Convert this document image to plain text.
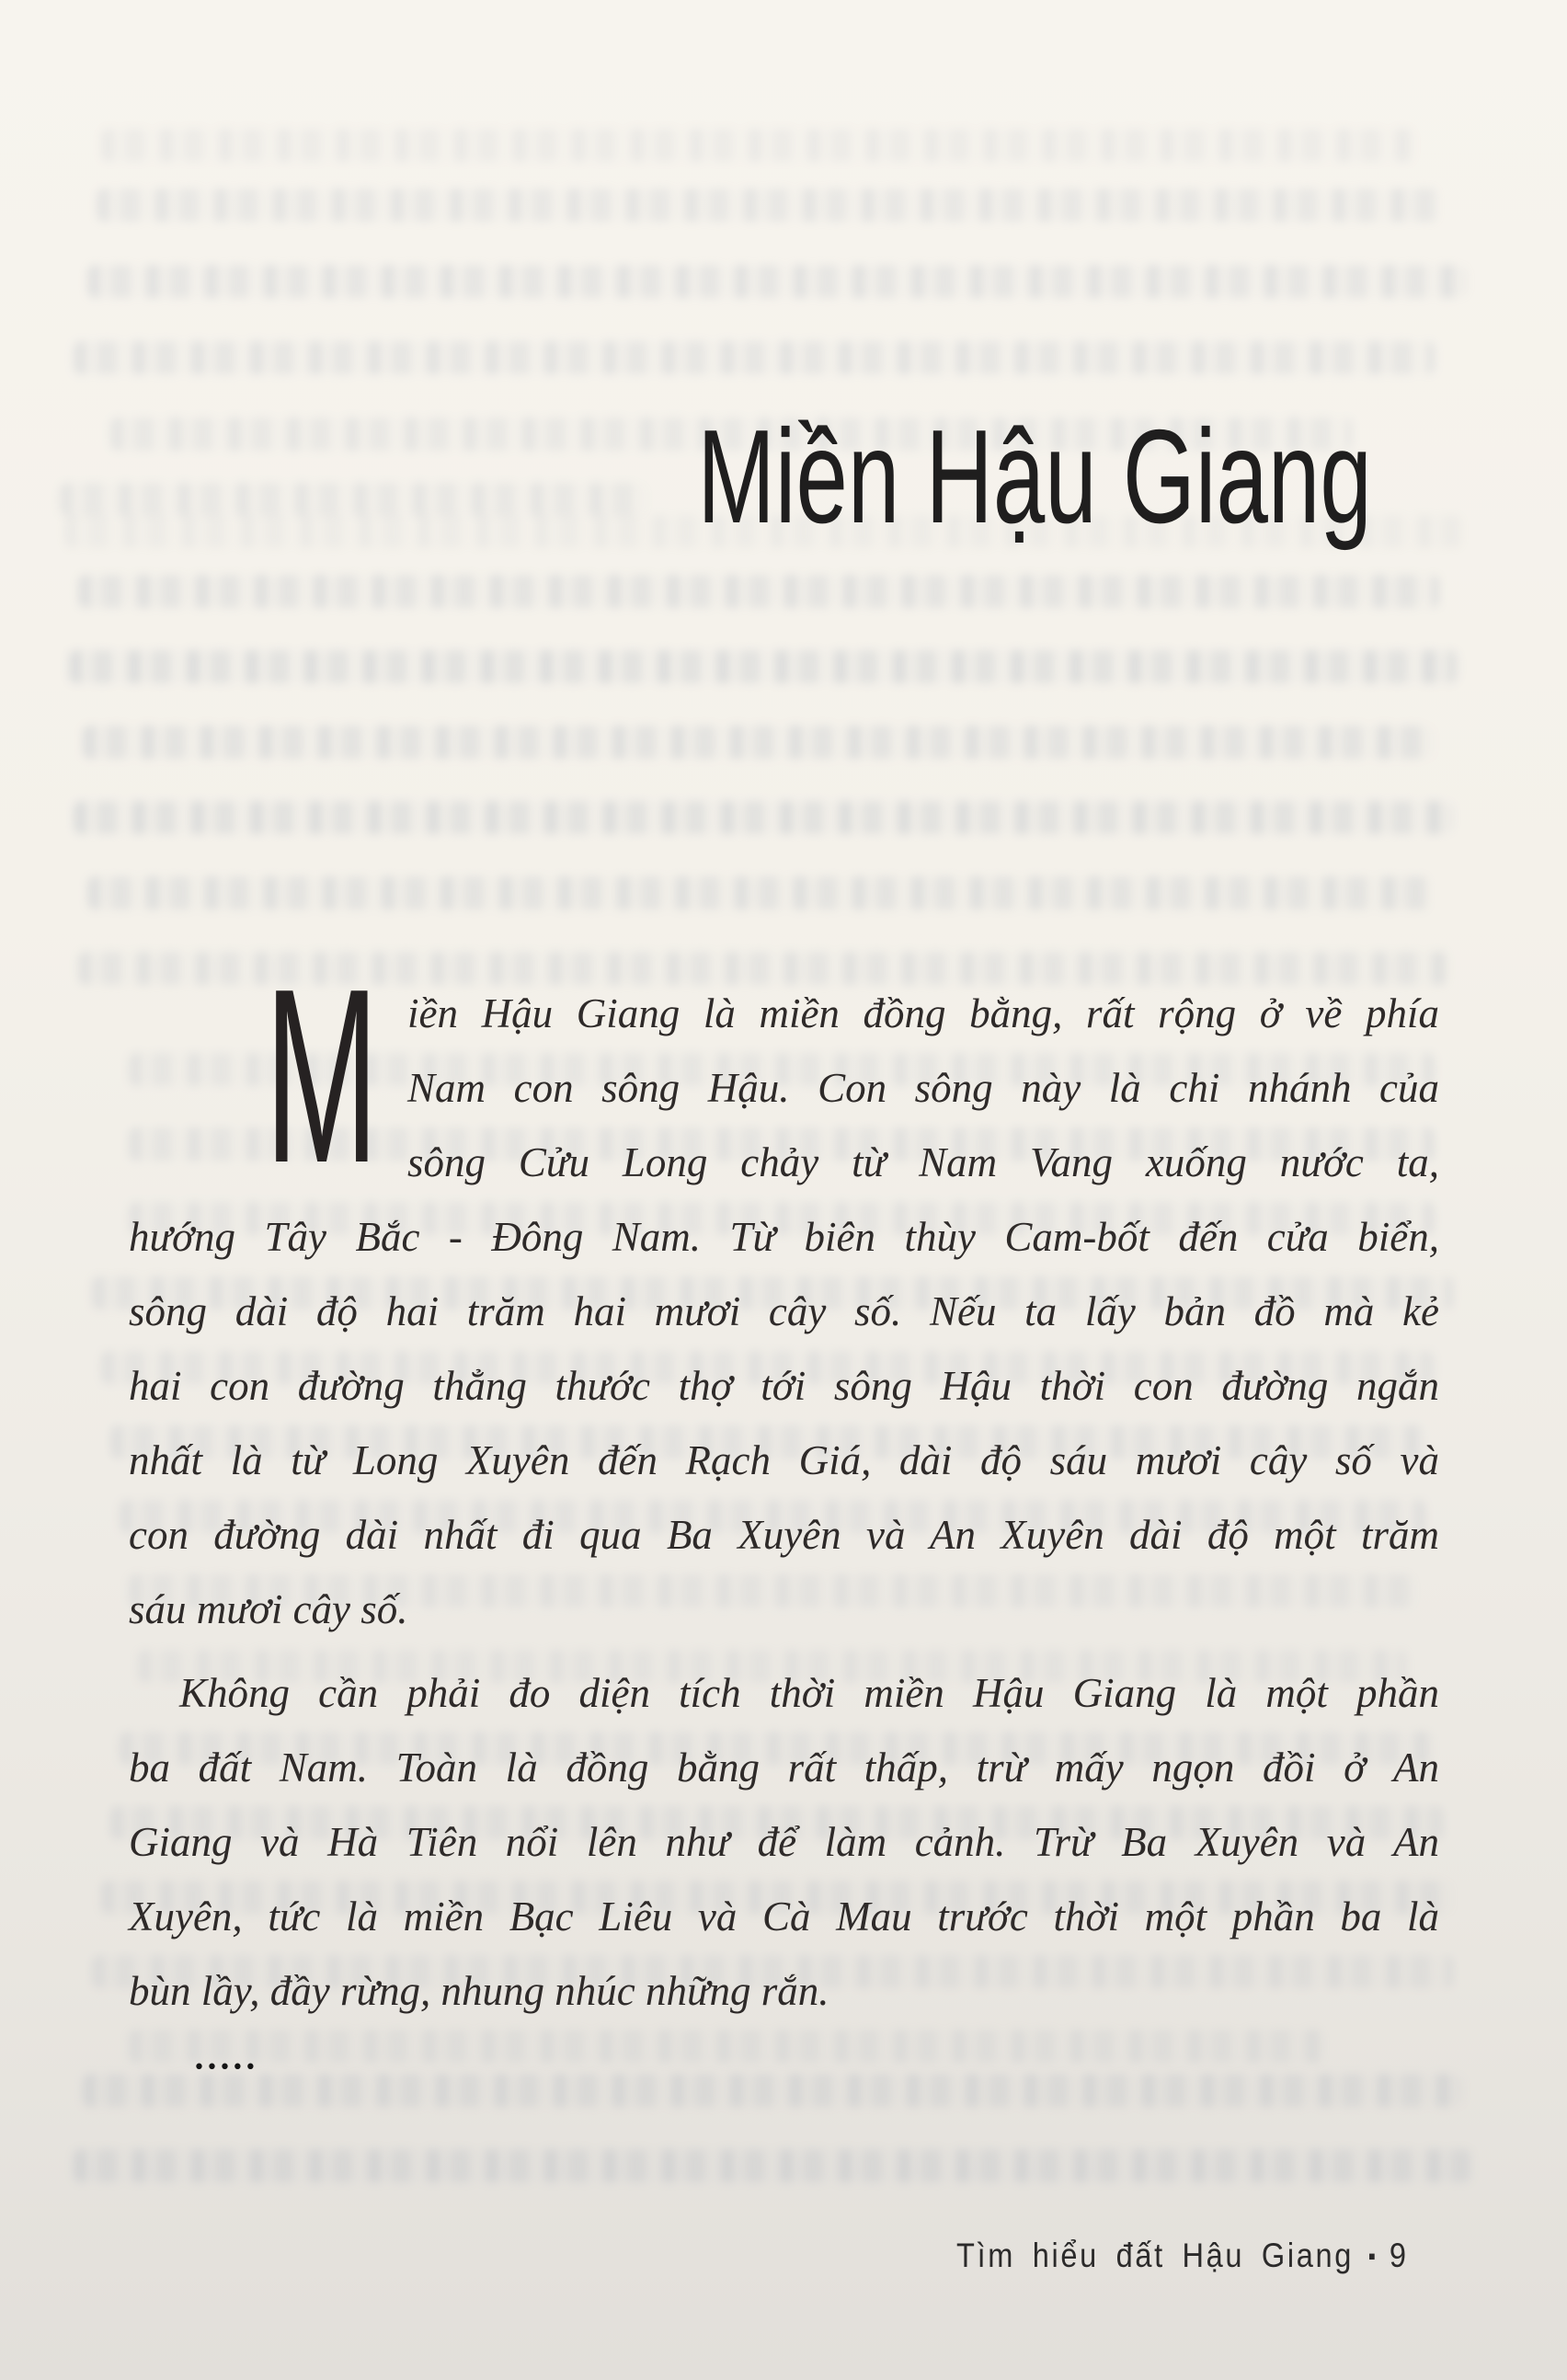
Miền Hậu Giang
M iền Hậu Giang là miền đồng bằng, rất rộng ở về phía
Nam con sông Hậu. Con sông này là chi nhánh của
sông Cửu Long chảy từ Nam Vang xuống nước ta,
hướng Tây Bắc - Đông Nam. Từ biên thùy Cam-bốt đến cửa biển,
sông dài độ hai trăm hai mươi cây số. Nếu ta lấy bản đồ mà kẻ
hai con đường thẳng thước thợ tới sông Hậu thời con đường ngắn
nhất là từ Long Xuyên đến Rạch Giá, dài độ sáu mươi cây số và
con đường dài nhất đi qua Ba Xuyên và An Xuyên dài độ một trăm
sáu mươi cây số.
Không cần phải đo diện tích thời miền Hậu Giang là một phần
ba đất Nam. Toàn là đồng bằng rất thấp, trừ mấy ngọn đồi ở An
Giang và Hà Tiên nổi lên như để làm cảnh. Trừ Ba Xuyên và An
Xuyên, tức là miền Bạc Liêu và Cà Mau trước thời một phần ba là
bùn lầy, đầy rừng, nhung nhúc những rắn.
•••••
Tìm hiểu đất Hậu Giang ▪ 9
